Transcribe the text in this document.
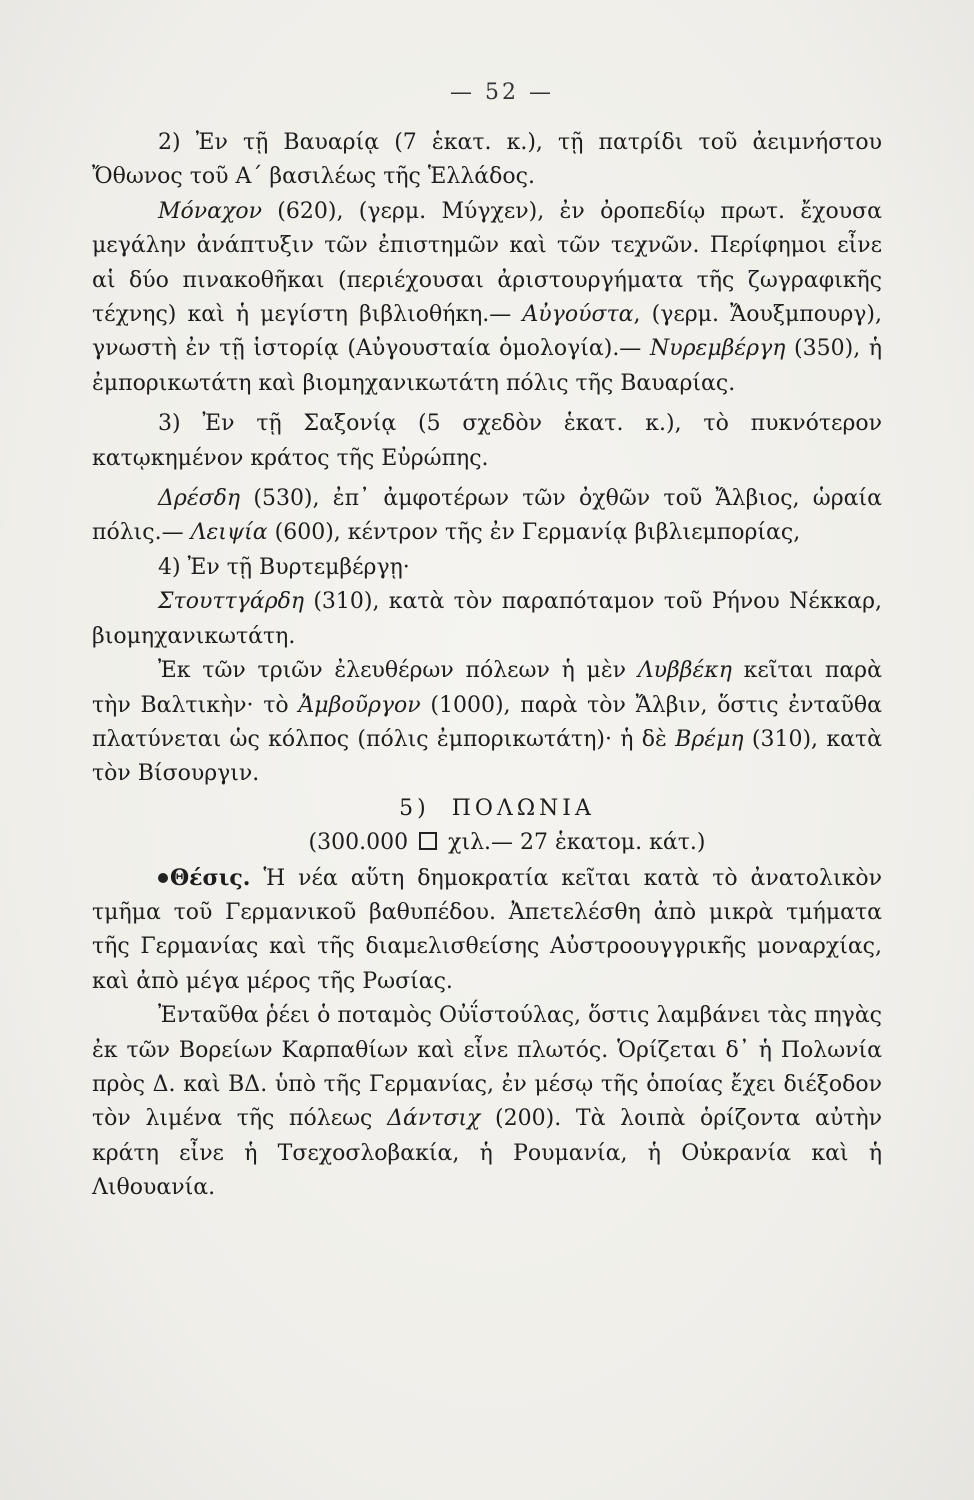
— 52 —

2) Ἐν τῇ Βαυαρίᾳ (7 ἑκατ. κ.), τῇ πατρίδι τοῦ ἀειμνήστου Ὄθωνος τοῦ Α΄ βασιλέως τῆς Ἑλλάδος.

Μόναχον (620), (γερμ. Μύγχεν), ἐν ὀροπεδίῳ πρωτ. ἔχουσα μεγάλην ἀνάπτυξιν τῶν ἐπιστημῶν καὶ τῶν τεχνῶν. Περίφημοι εἶνε αἱ δύο πινακοθῆκαι (περιέχουσαι ἀριστουργήματα τῆς ζωγραφικῆς τέχνης) καὶ ἡ μεγίστη βιβλιοθήκη.— Αὐγούστα, (γερμ. Ἄουξμπουργ), γνωστὴ ἐν τῇ ἱστορίᾳ (Αὐγουσταία ὁμολογία).— Νυρεμβέργη (350), ἡ ἐμπορικωτάτη καὶ βιομηχανικωτάτη πόλις τῆς Βαυαρίας.

3) Ἐν τῇ Σαξονίᾳ (5 σχεδὸν ἑκατ. κ.), τὸ πυκνότερον κατῳκημένον κράτος τῆς Εὐρώπης.

Δρέσδη (530), ἐπ᾿ ἀμφοτέρων τῶν ὀχθῶν τοῦ Ἄλβιος, ὡραία πόλις.— Λειψία (600), κέντρον τῆς ἐν Γερμανίᾳ βιβλιεμπορίας,

4) Ἐν τῇ Βυρτεμβέργῃ·

Στουττγάρδη (310), κατὰ τὸν παραπόταμον τοῦ Ρήνου Νέκκαρ, βιομηχανικωτάτη.

Ἐκ τῶν τριῶν ἐλευθέρων πόλεων ἡ μὲν Λυββέκη κεῖται παρὰ τὴν Βαλτικὴν· τὸ Ἀμβοῦργον (1000), παρὰ τὸν Ἄλβιν, ὅστις ἐνταῦθα πλατύνεται ὡς κόλπος (πόλις ἐμπορικωτάτη)· ἡ δὲ Βρέμη (310), κατὰ τὸν Βίσουργιν.

5) ΠΟΛΩΝΙΑ

(300.000 χιλ.— 27 ἑκατομ. κάτ.)

Θέσις. Ἡ νέα αὕτη δημοκρατία κεῖται κατὰ τὸ ἀνατολικὸν τμῆμα τοῦ Γερμανικοῦ βαθυπέδου. Ἀπετελέσθη ἀπὸ μικρὰ τμήματα τῆς Γερμανίας καὶ τῆς διαμελισθείσης Αὐστροουγγρικῆς μοναρχίας, καὶ ἀπὸ μέγα μέρος τῆς Ρωσίας.

Ἐνταῦθα ῥέει ὁ ποταμὸς Οὐΐστούλας, ὅστις λαμβάνει τὰς πηγὰς ἐκ τῶν Βορείων Καρπαθίων καὶ εἶνε πλωτός. Ὁρίζεται δ᾿ ἡ Πολωνία πρὸς Δ. καὶ ΒΔ. ὑπὸ τῆς Γερμανίας, ἐν μέσῳ τῆς ὁποίας ἔχει διέξοδον τὸν λιμένα τῆς πόλεως Δάντσιχ (200). Τὰ λοιπὰ ὁρίζοντα αὐτὴν κράτη εἶνε ἡ Τσεχοσλοβακία, ἡ Ρουμανία, ἡ Οὐκρανία καὶ ἡ Λιθουανία.
